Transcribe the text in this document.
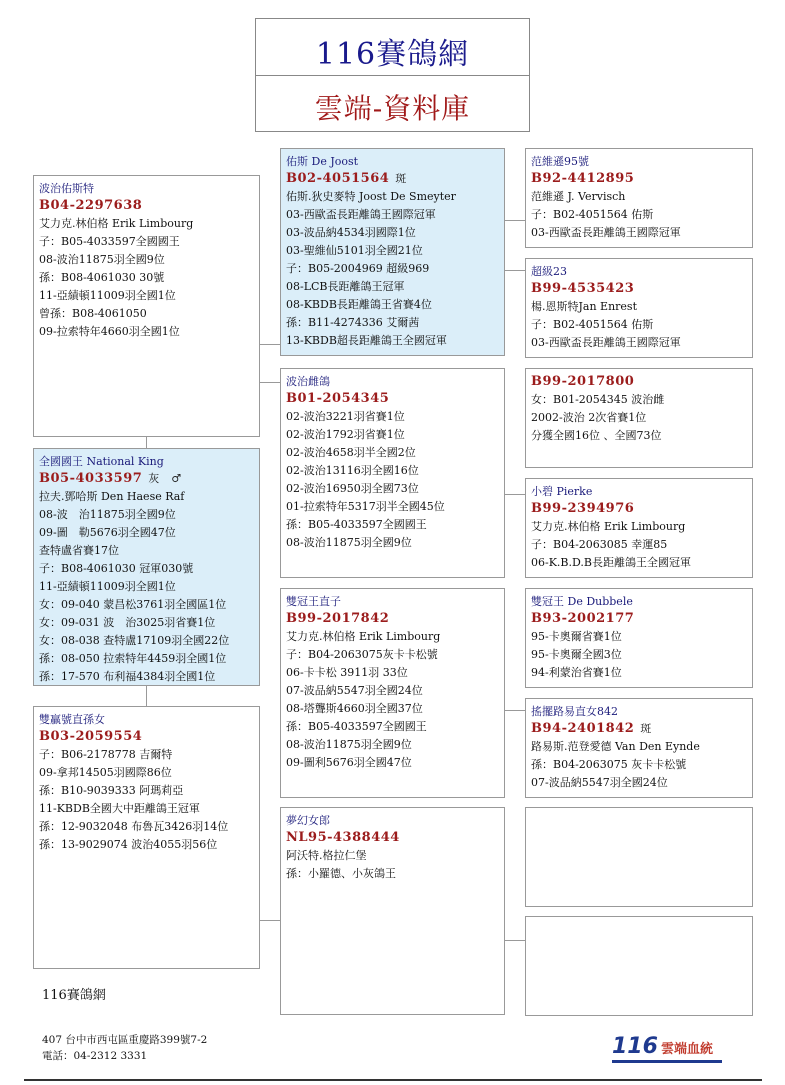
116賽鴿網
雲端-資料庫
波治佑斯特
B04-2297638
艾力克.林伯格 Erik Limbourg
子：B05-4033597全國國王
08-波治11875羽全國9位
孫：B08-4061030 30號
11-亞績頓11009羽全國1位
曾孫：B08-4061050
09-拉索特年4660羽全國1位
全國國王 National King
B05-4033597 灰　♂
拉夫.鄧哈斯 Den Haese Raf
08-波　治11875羽全國9位
09-圖　勒5676羽全國47位
查特盧省賽17位
子：B08-4061030 冠軍030號
11-亞績頓11009羽全國1位
女：09-040 蒙昌松3761羽全國區1位
女：09-031 波　治3025羽省賽1位
女：08-038 查特盧17109羽全國22位
孫：08-050 拉索特年4459羽全國1位
孫：17-570 布利福4384羽全國1位
雙贏號直孫女
B03-2059554
子：B06-2178778 吉爾特
09-拿邦14505羽國際86位
孫：B10-9039333 阿瑪莉亞
11-KBDB全國大中距離鴿王冠軍
孫：12-9032048 布魯瓦3426羽14位
孫：13-9029074 波治4055羽56位
佑斯 De Joost
B02-4051564 斑
佑斯.狄史麥特 Joost De Smeyter
03-西歐盃長距離鴿王國際冠軍
03-波品納4534羽國際1位
03-聖維仙5101羽全國21位
子：B05-2004969 超級969
08-LCB長距離鴿王冠軍
08-KBDB長距離鴿王省賽4位
孫：B11-4274336 艾爾茜
13-KBDB超長距離鴿王全國冠軍
波治雌鴿
B01-2054345
02-波治3221羽省賽1位
02-波治1792羽省賽1位
02-波治4658羽半全國2位
02-波治13116羽全國16位
02-波治16950羽全國73位
01-拉索特年5317羽半全國45位
孫：B05-4033597全國國王
08-波治11875羽全國9位
雙冠王直子
B99-2017842
艾力克.林伯格 Erik Limbourg
子：B04-2063075灰卡卡松號
06-卡卡松 3911羽 33位
07-波品納5547羽全國24位
08-塔聾斯4660羽全國37位
孫：B05-4033597全國國王
08-波治11875羽全國9位
09-圖利5676羽全國47位
夢幻女郎
NL95-4388444
阿沃特.格拉仁堡
孫：小羅德、小灰鴿王
范維遜95號
B92-4412895
范維遜 J. Vervisch
子：B02-4051564 佑斯
03-西歐盃長距離鴿王國際冠軍
超級23
B99-4535423
楊.恩斯特Jan Enrest
子：B02-4051564 佑斯
03-西歐盃長距離鴿王國際冠軍
B99-2017800
女：B01-2054345 波治雌
2002-波治 2次省賽1位
分獲全國16位 、全國73位
小碧 Pierke
B99-2394976
艾力克.林伯格 Erik Limbourg
子：B04-2063085 幸運85
06-K.B.D.B長距離鴿王全國冠軍
雙冠王 De Dubbele
B93-2002177
95-卡奧爾省賽1位
95-卡奧爾全國3位
94-利蒙治省賽1位
搖擺路易直女842
B94-2401842 斑
路易斯.范登愛德 Van Den Eynde
孫：B04-2063075 灰卡卡松號
07-波品納5547羽全國24位
116賽鴿網
407 台中市西屯區重慶路399號7-2
電話：04-2312 3331	116 雲端血統
